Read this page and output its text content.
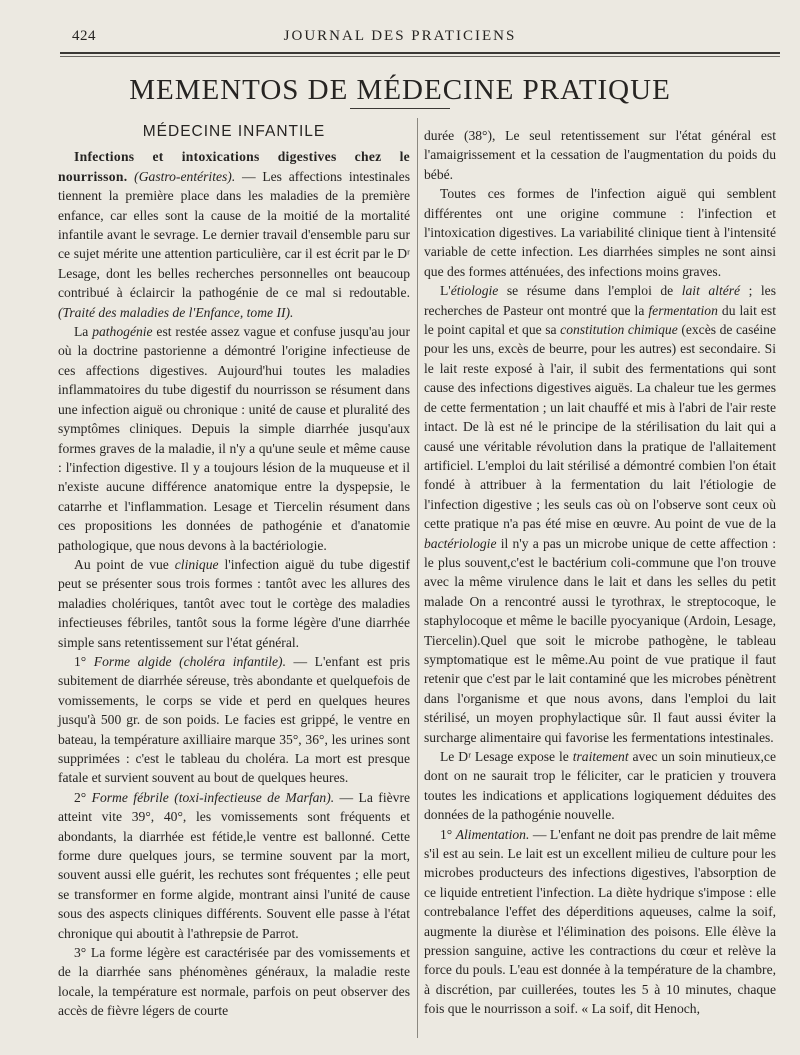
424	JOURNAL DES PRATICIENS
MEMENTOS DE MÉDECINE PRATIQUE
MÉDECINE INFANTILE

Infections et intoxications digestives chez le nourrisson. (Gastro-entérites). — Les affections intestinales tiennent la première place dans les maladies de la première enfance, car elles sont la cause de la moitié de la mortalité infantile avant le sevrage. Le dernier travail d'ensemble paru sur ce sujet mérite une attention particulière, car il est écrit par le Dʳ Lesage, dont les belles recherches personnelles ont beaucoup contribué à éclaircir la pathogénie de ce mal si redoutable. (Traité des maladies de l'Enfance, tome II).

La pathogénie est restée assez vague et confuse jusqu'au jour où la doctrine pastorienne a démontré l'origine infectieuse de ces affections digestives. Aujourd'hui toutes les maladies inflammatoires du tube digestif du nourrisson se résument dans une infection aiguë ou chronique : unité de cause et pluralité des symptômes cliniques. Depuis la simple diarrhée jusqu'aux formes graves de la maladie, il n'y a qu'une seule et même cause : l'infection digestive. Il y a toujours lésion de la muqueuse et il n'existe aucune différence anatomique entre la dyspepsie, le catarrhe et l'inflammation. Lesage et Tiercelin résument dans ces propositions les données de pathogénie et d'anatomie pathologique, que nous devons à la bactériologie.

Au point de vue clinique l'infection aiguë du tube digestif peut se présenter sous trois formes : tantôt avec les allures des maladies cholériques, tantôt avec tout le cortège des maladies infectieuses fébriles, tantôt sous la forme légère d'une diarrhée simple sans retentissement sur l'état général.

1° Forme algide (choléra infantile). — L'enfant est pris subitement de diarrhée séreuse, très abondante et quelquefois de vomissements, le corps se vide et perd en quelques heures jusqu'à 500 gr. de son poids. Le facies est grippé, le ventre en bateau, la température axilliaire marque 35°, 36°, les urines sont supprimées : c'est le tableau du choléra. La mort est presque fatale et survient souvent au bout de quelques heures.

2° Forme fébrile (toxi-infectieuse de Marfan). — La fièvre atteint vite 39°, 40°, les vomissements sont fréquents et abondants, la diarrhée est fétide,le ventre est ballonné. Cette forme dure quelques jours, se termine souvent par la mort, souvent aussi elle guérit, les rechutes sont fréquentes ; elle peut se transformer en forme algide, montrant ainsi l'unité de cause sous des aspects cliniques différents. Souvent elle passe à l'état chronique qui aboutit à l'athrepsie de Parrot.

3° La forme légère est caractérisée par des vomissements et de la diarrhée sans phénomènes généraux, la maladie reste locale, la température est normale, parfois on peut observer des accès de fièvre légers de courte

durée (38°), Le seul retentissement sur l'état général est l'amaigrissement et la cessation de l'augmentation du poids du bébé.

Toutes ces formes de l'infection aiguë qui semblent différentes ont une origine commune : l'infection et l'intoxication digestives. La variabilité clinique tient à l'intensité variable de cette infection. Les diarrhées simples ne sont ainsi que des formes atténuées, des infections moins graves.

L'étiologie se résume dans l'emploi de lait altéré ; les recherches de Pasteur ont montré que la fermentation du lait est le point capital et que sa constitution chimique (excès de caséine pour les uns, excès de beurre, pour les autres) est secondaire. Si le lait reste exposé à l'air, il subit des fermentations qui sont cause des infections digestives aiguës. La chaleur tue les germes de cette fermentation ; un lait chauffé et mis à l'abri de l'air reste intact. De là est né le principe de la stérilisation du lait qui a causé une véritable révolution dans la pratique de l'allaitement artificiel. L'emploi du lait stérilisé a démontré combien l'on était fondé à attribuer à la fermentation du lait l'étiologie de l'infection digestive ; les seuls cas où on l'observe sont ceux où cette pratique n'a pas été mise en œuvre. Au point de vue de la bactériologie il n'y a pas un microbe unique de cette affection : le plus souvent,c'est le bactérium coli-commune que l'on trouve avec la même virulence dans le lait et dans les selles du petit malade On a rencontré aussi le tyrothrax, le streptocoque, le staphylocoque et même le bacille pyocyanique (Ardoin, Lesage, Tiercelin).Quel que soit le microbe pathogène, le tableau symptomatique est le même.Au point de vue pratique il faut retenir que c'est par le lait contaminé que les microbes pénètrent dans l'organisme et que nous avons, dans l'emploi du lait stérilisé, un moyen prophylactique sûr. Il faut aussi éviter la surcharge alimentaire qui favorise les fermentations intestinales.

Le Dʳ Lesage expose le traitement avec un soin minutieux,ce dont on ne saurait trop le féliciter, car le praticien y trouvera toutes les indications et applications logiquement déduites des données de la pathogénie nouvelle.

1° Alimentation. — L'enfant ne doit pas prendre de lait même s'il est au sein. Le lait est un excellent milieu de culture pour les microbes producteurs des infections digestives, l'absorption de ce liquide entretient l'infection. La diète hydrique s'impose : elle contrebalance l'effet des déperditions aqueuses, calme la soif, augmente la diurèse et l'élimination des poisons. Elle élève la pression sanguine, active les contractions du cœur et relève la force du pouls. L'eau est donnée à la température de la chambre, à discrétion, par cuillerées, toutes les 5 à 10 minutes, chaque fois que le nourrisson a soif. « La soif, dit Henoch,
